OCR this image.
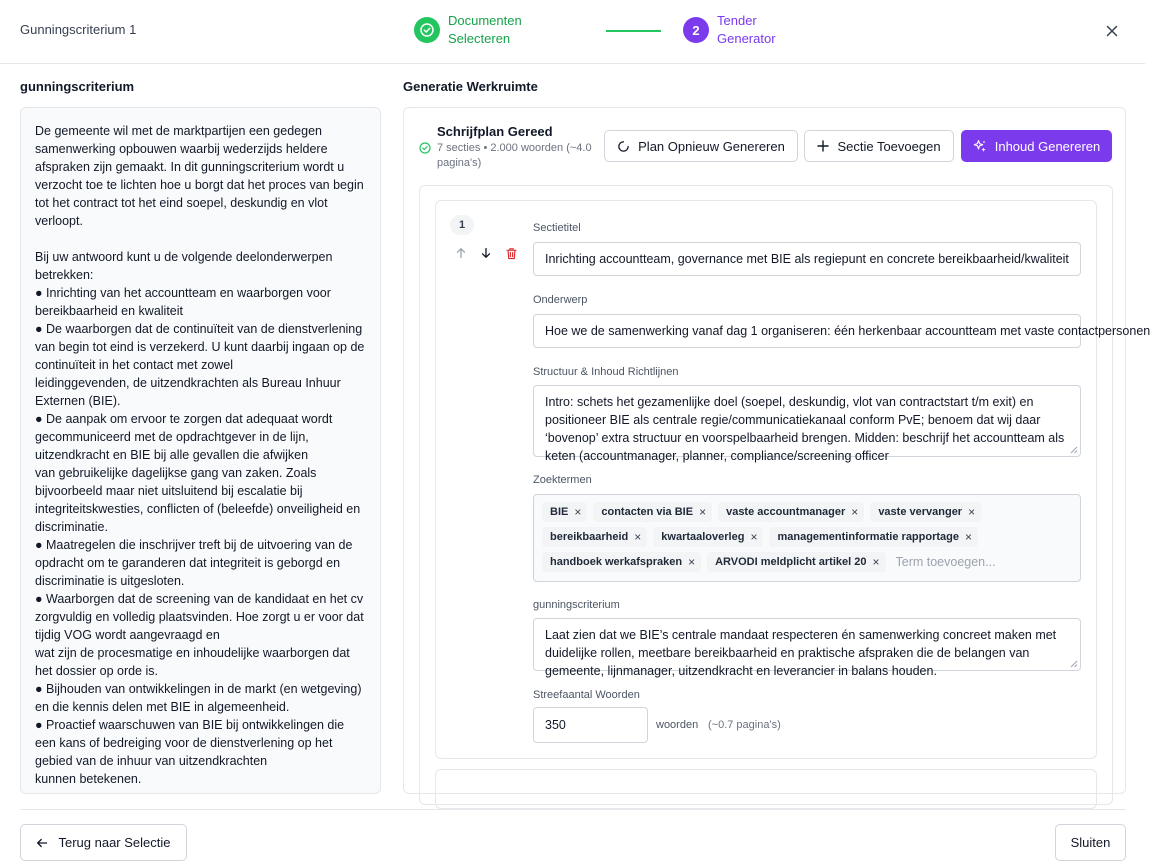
Gunningscriterium 1
Documenten
Selecteren
2
Tender
Generator
gunningscriterium
De gemeente wil met de marktpartijen een gedegen samenwerking opbouwen waarbij wederzijds heldere afspraken zijn gemaakt. In dit gunningscriterium wordt u verzocht toe te lichten hoe u borgt dat het proces van begin tot het contract tot het eind soepel, deskundig en vlot verloopt.

Bij uw antwoord kunt u de volgende deelonderwerpen betrekken:
● Inrichting van het accountteam en waarborgen voor bereikbaarheid en kwaliteit
● De waarborgen dat de continuïteit van de dienstverlening van begin tot eind is verzekerd. U kunt daarbij ingaan op de continuïteit in het contact met zowel
leidinggevenden, de uitzendkrachten als Bureau Inhuur Externen (BIE).
● De aanpak om ervoor te zorgen dat adequaat wordt gecommuniceerd met de opdrachtgever in de lijn, uitzendkracht en BIE bij alle gevallen die afwijken
van gebruikelijke dagelijkse gang van zaken. Zoals bijvoorbeeld maar niet uitsluitend bij escalatie bij integriteitskwesties, conflicten of (beleefde) onveiligheid en discriminatie.
● Maatregelen die inschrijver treft bij de uitvoering van de opdracht om te garanderen dat integriteit is geborgd en discriminatie is uitgesloten.
● Waarborgen dat de screening van de kandidaat en het cv zorgvuldig en volledig plaatsvinden. Hoe zorgt u er voor dat tijdig VOG wordt aangevraagd en
wat zijn de procesmatige en inhoudelijke waarborgen dat het dossier op orde is.
● Bijhouden van ontwikkelingen in de markt (en wetgeving) en die kennis delen met BIE in algemeenheid.
● Proactief waarschuwen van BIE bij ontwikkelingen die een kans of bedreiging voor de dienstverlening op het gebied van de inhuur van uitzendkrachten
kunnen betekenen.
Generatie Werkruimte
Schrijfplan Gereed
7 secties • 2.000 woorden (~4.0 pagina's)
Plan Opnieuw Genereren	Sectie Toevoegen	Inhoud Genereren
1	Sectietitel
Inrichting accountteam, governance met BIE als regiepunt en concrete bereikbaarheid/kwaliteit
Onderwerp
Hoe we de samenwerking vanaf dag 1 organiseren: één herkenbaar accountteam met vaste contactpersonen
Structuur & Inhoud Richtlijnen
Intro: schets het gezamenlijke doel (soepel, deskundig, vlot van contractstart t/m exit) en positioneer BIE als centrale regie/communicatiekanaal conform PvE; benoem dat wij daar ‘bovenop’ extra structuur en voorspelbaarheid brengen. Midden: beschrijf het accountteam als keten (accountmanager, planner, compliance/screening officer
Zoektermen
BIE × contacten via BIE × vaste accountmanager × vaste vervanger ×
bereikbaarheid × kwartaaloverleg × managementinformatie rapportage ×
handboek werkafspraken × ARVODI meldplicht artikel 20 ×
Term toevoegen...
gunningscriterium
Laat zien dat we BIE’s centrale mandaat respecteren én samenwerking concreet maken met duidelijke rollen, meetbare bereikbaarheid en praktische afspraken die de belangen van gemeente, lijnmanager, uitzendkracht en leverancier in balans houden.
Streefaantal Woorden
350	woorden (~0.7 pagina's)
Terug naar Selectie	Sluiten
